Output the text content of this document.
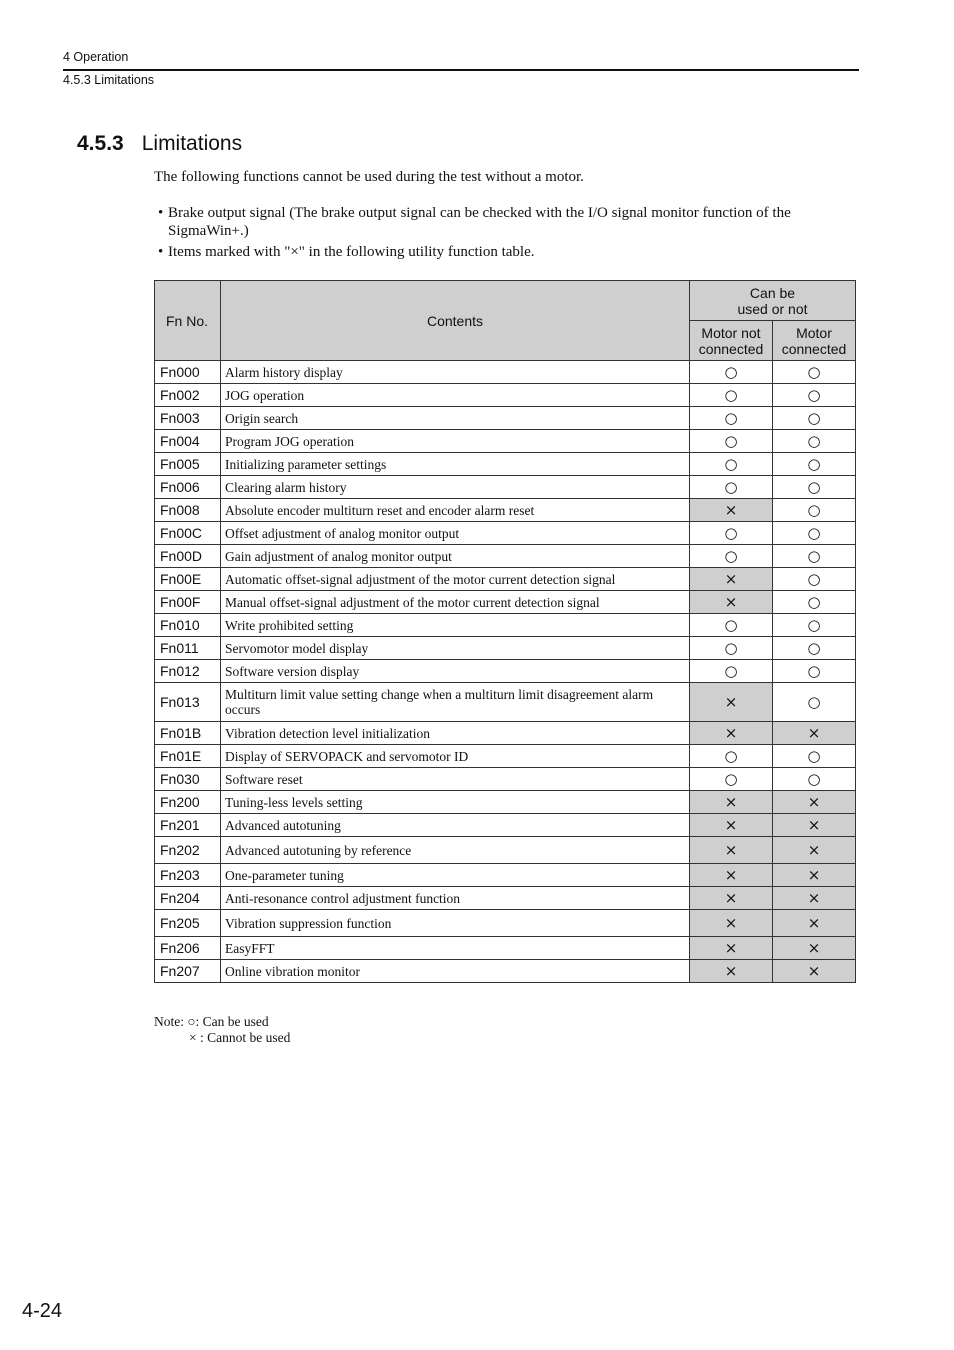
4 Operation
4.5.3 Limitations
4.5.3 Limitations
The following functions cannot be used during the test without a motor.
• Brake output signal (The brake output signal can be checked with the I/O signal monitor function of the SigmaWin+.)
• Items marked with "×" in the following utility function table.
Fn No.	Contents	Can be
used or not	
		Motor not
connected	Motor
connected
Fn000	Alarm history display	○	○
Fn002	JOG operation	○	○
Fn003	Origin search	○	○
Fn004	Program JOG operation	○	○
Fn005	Initializing parameter settings	○	○
Fn006	Clearing alarm history	○	○
Fn008	Absolute encoder multiturn reset and encoder alarm reset	×	○
Fn00C	Offset adjustment of analog monitor output	○	○
Fn00D	Gain adjustment of analog monitor output	○	○
Fn00E	Automatic offset-signal adjustment of the motor current detection signal	×	○
Fn00F	Manual offset-signal adjustment of the motor current detection signal	×	○
Fn010	Write prohibited setting	○	○
Fn011	Servomotor model display	○	○
Fn012	Software version display	○	○
Fn013	Multiturn limit value setting change when a multiturn limit disagreement alarm occurs	×	○
Fn01B	Vibration detection level initialization	×	×
Fn01E	Display of SERVOPACK and servomotor ID	○	○
Fn030	Software reset	○	○
Fn200	Tuning-less levels setting	×	×
Fn201	Advanced autotuning	×	×
Fn202	Advanced autotuning by reference	×	×
Fn203	One-parameter tuning	×	×
Fn204	Anti-resonance control adjustment function	×	×
Fn205	Vibration suppression function	×	×
Fn206	EasyFFT	×	×
Fn207	Online vibration monitor	×	×
Note: ○: Can be used
× : Cannot be used
4-24
